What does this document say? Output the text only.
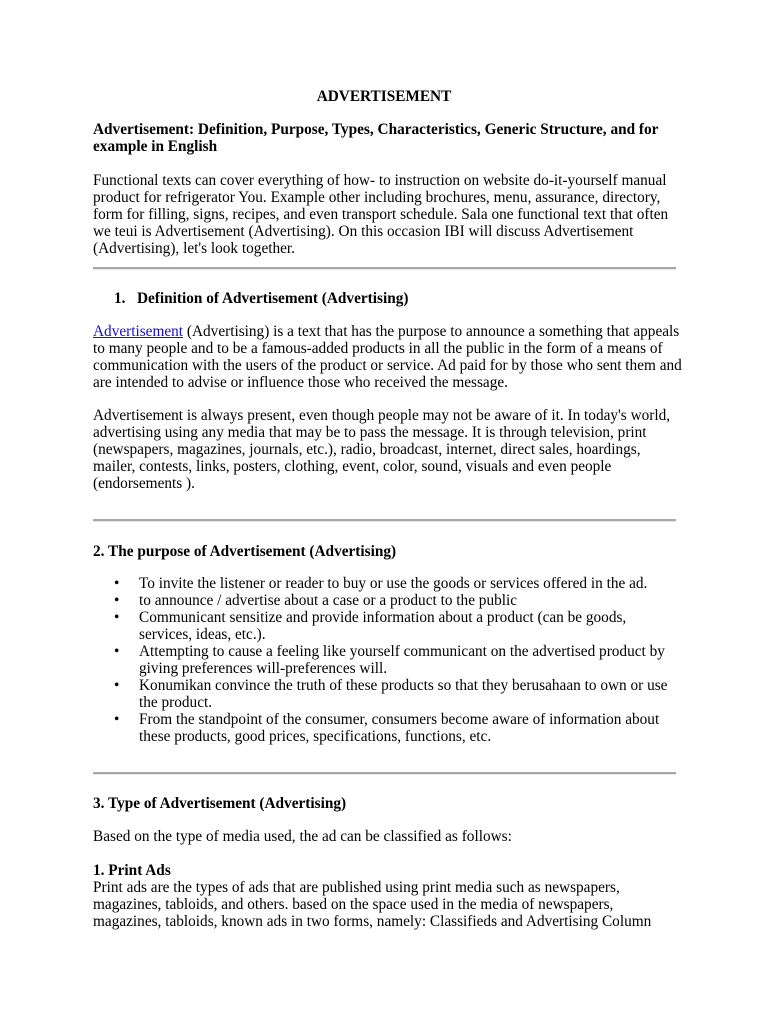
ADVERTISEMENT

Advertisement: Definition, Purpose, Types, Characteristics, Generic Structure, and for example in English

Functional texts can cover everything of how- to instruction on website do-it-yourself manual product for refrigerator You. Example other including brochures, menu, assurance, directory, form for filling, signs, recipes, and even transport schedule. Sala one functional text that often we teui is Advertisement (Advertising). On this occasion IBI will discuss Advertisement (Advertising), let's look together.

1. Definition of Advertisement (Advertising)

Advertisement (Advertising) is a text that has the purpose to announce a something that appeals to many people and to be a famous-added products in all the public in the form of a means of communication with the users of the product or service. Ad paid for by those who sent them and are intended to advise or influence those who received the message.

Advertisement is always present, even though people may not be aware of it. In today's world, advertising using any media that may be to pass the message. It is through television, print (newspapers, magazines, journals, etc.), radio, broadcast, internet, direct sales, hoardings, mailer, contests, links, posters, clothing, event, color, sound, visuals and even people (endorsements ).

2. The purpose of Advertisement (Advertising)

• To invite the listener or reader to buy or use the goods or services offered in the ad.
• to announce / advertise about a case or a product to the public
• Communicant sensitize and provide information about a product (can be goods, services, ideas, etc.).
• Attempting to cause a feeling like yourself communicant on the advertised product by giving preferences will-preferences will.
• Konumikan convince the truth of these products so that they berusahaan to own or use the product.
• From the standpoint of the consumer, consumers become aware of information about these products, good prices, specifications, functions, etc.

3. Type of Advertisement (Advertising)

Based on the type of media used, the ad can be classified as follows:

1. Print Ads

Print ads are the types of ads that are published using print media such as newspapers, magazines, tabloids, and others. based on the space used in the media of newspapers, magazines, tabloids, known ads in two forms, namely: Classifieds and Advertising Column
